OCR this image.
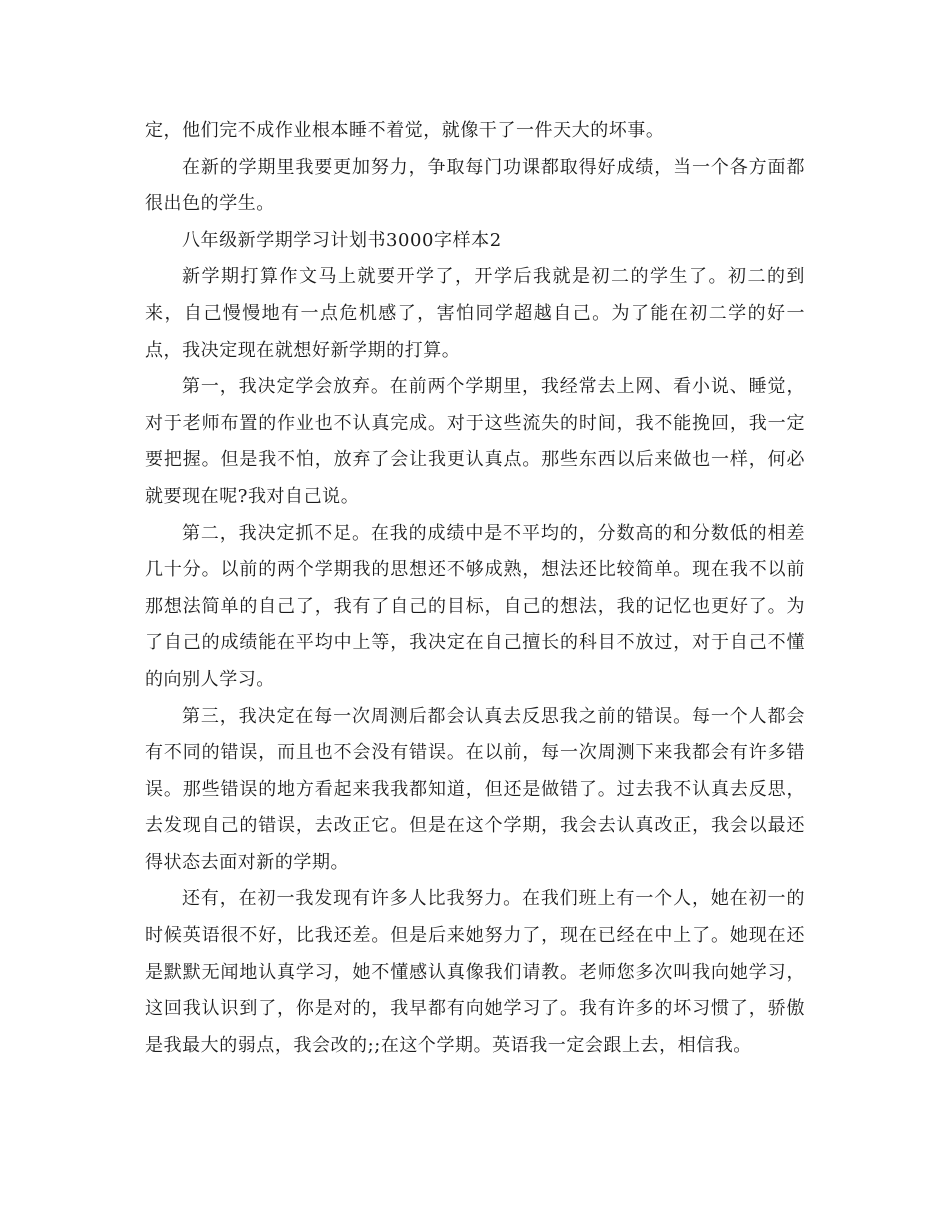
定，他们完不成作业根本睡不着觉，就像干了一件天大的坏事。

在新的学期里我要更加努力，争取每门功课都取得好成绩，当一个各方面都很出色的学生。

八年级新学期学习计划书3000字样本2

新学期打算作文马上就要开学了，开学后我就是初二的学生了。初二的到来，自己慢慢地有一点危机感了，害怕同学超越自己。为了能在初二学的好一点，我决定现在就想好新学期的打算。

第一，我决定学会放弃。在前两个学期里，我经常去上网、看小说、睡觉，对于老师布置的作业也不认真完成。对于这些流失的时间，我不能挽回，我一定要把握。但是我不怕，放弃了会让我更认真点。那些东西以后来做也一样，何必就要现在呢?我对自己说。

第二，我决定抓不足。在我的成绩中是不平均的，分数高的和分数低的相差几十分。以前的两个学期我的思想还不够成熟，想法还比较简单。现在我不以前那想法简单的自己了，我有了自己的目标，自己的想法，我的记忆也更好了。为了自己的成绩能在平均中上等，我决定在自己擅长的科目不放过，对于自己不懂的向别人学习。

第三，我决定在每一次周测后都会认真去反思我之前的错误。每一个人都会有不同的错误，而且也不会没有错误。在以前，每一次周测下来我都会有许多错误。那些错误的地方看起来我我都知道，但还是做错了。过去我不认真去反思，去发现自己的错误，去改正它。但是在这个学期，我会去认真改正，我会以最还得状态去面对新的学期。

还有，在初一我发现有许多人比我努力。在我们班上有一个人，她在初一的时候英语很不好，比我还差。但是后来她努力了，现在已经在中上了。她现在还是默默无闻地认真学习，她不懂感认真像我们请教。老师您多次叫我向她学习，这回我认识到了，你是对的，我早都有向她学习了。我有许多的坏习惯了，骄傲是我最大的弱点，我会改的;;在这个学期。英语我一定会跟上去，相信我。
